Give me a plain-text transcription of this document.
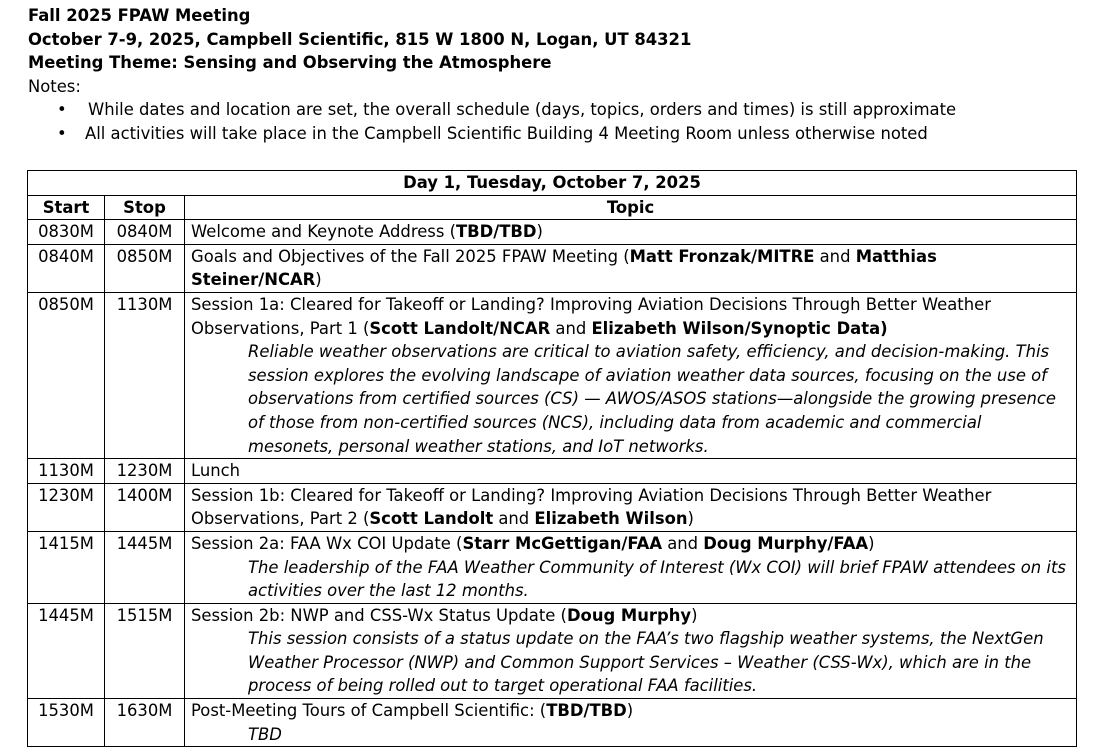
Fall 2025 FPAW Meeting
October 7-9, 2025, Campbell Scientific, 815 W 1800 N, Logan, UT 84321
Meeting Theme: Sensing and Observing the Atmosphere
Notes:
• While dates and location are set, the overall schedule (days, topics, orders and times) is still approximate
• All activities will take place in the Campbell Scientific Building 4 Meeting Room unless otherwise noted
Day 1, Tuesday, October 7, 2025		
Start	Stop	Topic
0830M	0840M	Welcome and Keynote Address (TBD/TBD)
0840M	0850M	Goals and Objectives of the Fall 2025 FPAW Meeting (Matt Fronzak/MITRE and Matthias Steiner/NCAR)
0850M	1130M	Session 1a: Cleared for Takeoff or Landing? Improving Aviation Decisions Through Better Weather Observations, Part 1 (Scott Landolt/NCAR and Elizabeth Wilson/Synoptic Data)
Reliable weather observations are critical to aviation safety, efficiency, and decision-making. This session explores the evolving landscape of aviation weather data sources, focusing on the use of observations from certified sources (CS) — AWOS/ASOS stations—alongside the growing presence of those from non-certified sources (NCS), including data from academic and commercial mesonets, personal weather stations, and IoT networks.

1130M	1230M	Lunch
1230M	1400M	Session 1b: Cleared for Takeoff or Landing? Improving Aviation Decisions Through Better Weather Observations, Part 2 (Scott Landolt and Elizabeth Wilson)
1415M	1445M	Session 2a: FAA Wx COI Update (Starr McGettigan/FAA and Doug Murphy/FAA)
The leadership of the FAA Weather Community of Interest (Wx COI) will brief FPAW attendees on its activities over the last 12 months.

1445M	1515M	Session 2b: NWP and CSS-Wx Status Update (Doug Murphy)
This session consists of a status update on the FAA’s two flagship weather systems, the NextGen Weather Processor (NWP) and Common Support Services – Weather (CSS-Wx), which are in the process of being rolled out to target operational FAA facilities.

1530M	1630M	Post-Meeting Tours of Campbell Scientific: (TBD/TBD)
TBD
